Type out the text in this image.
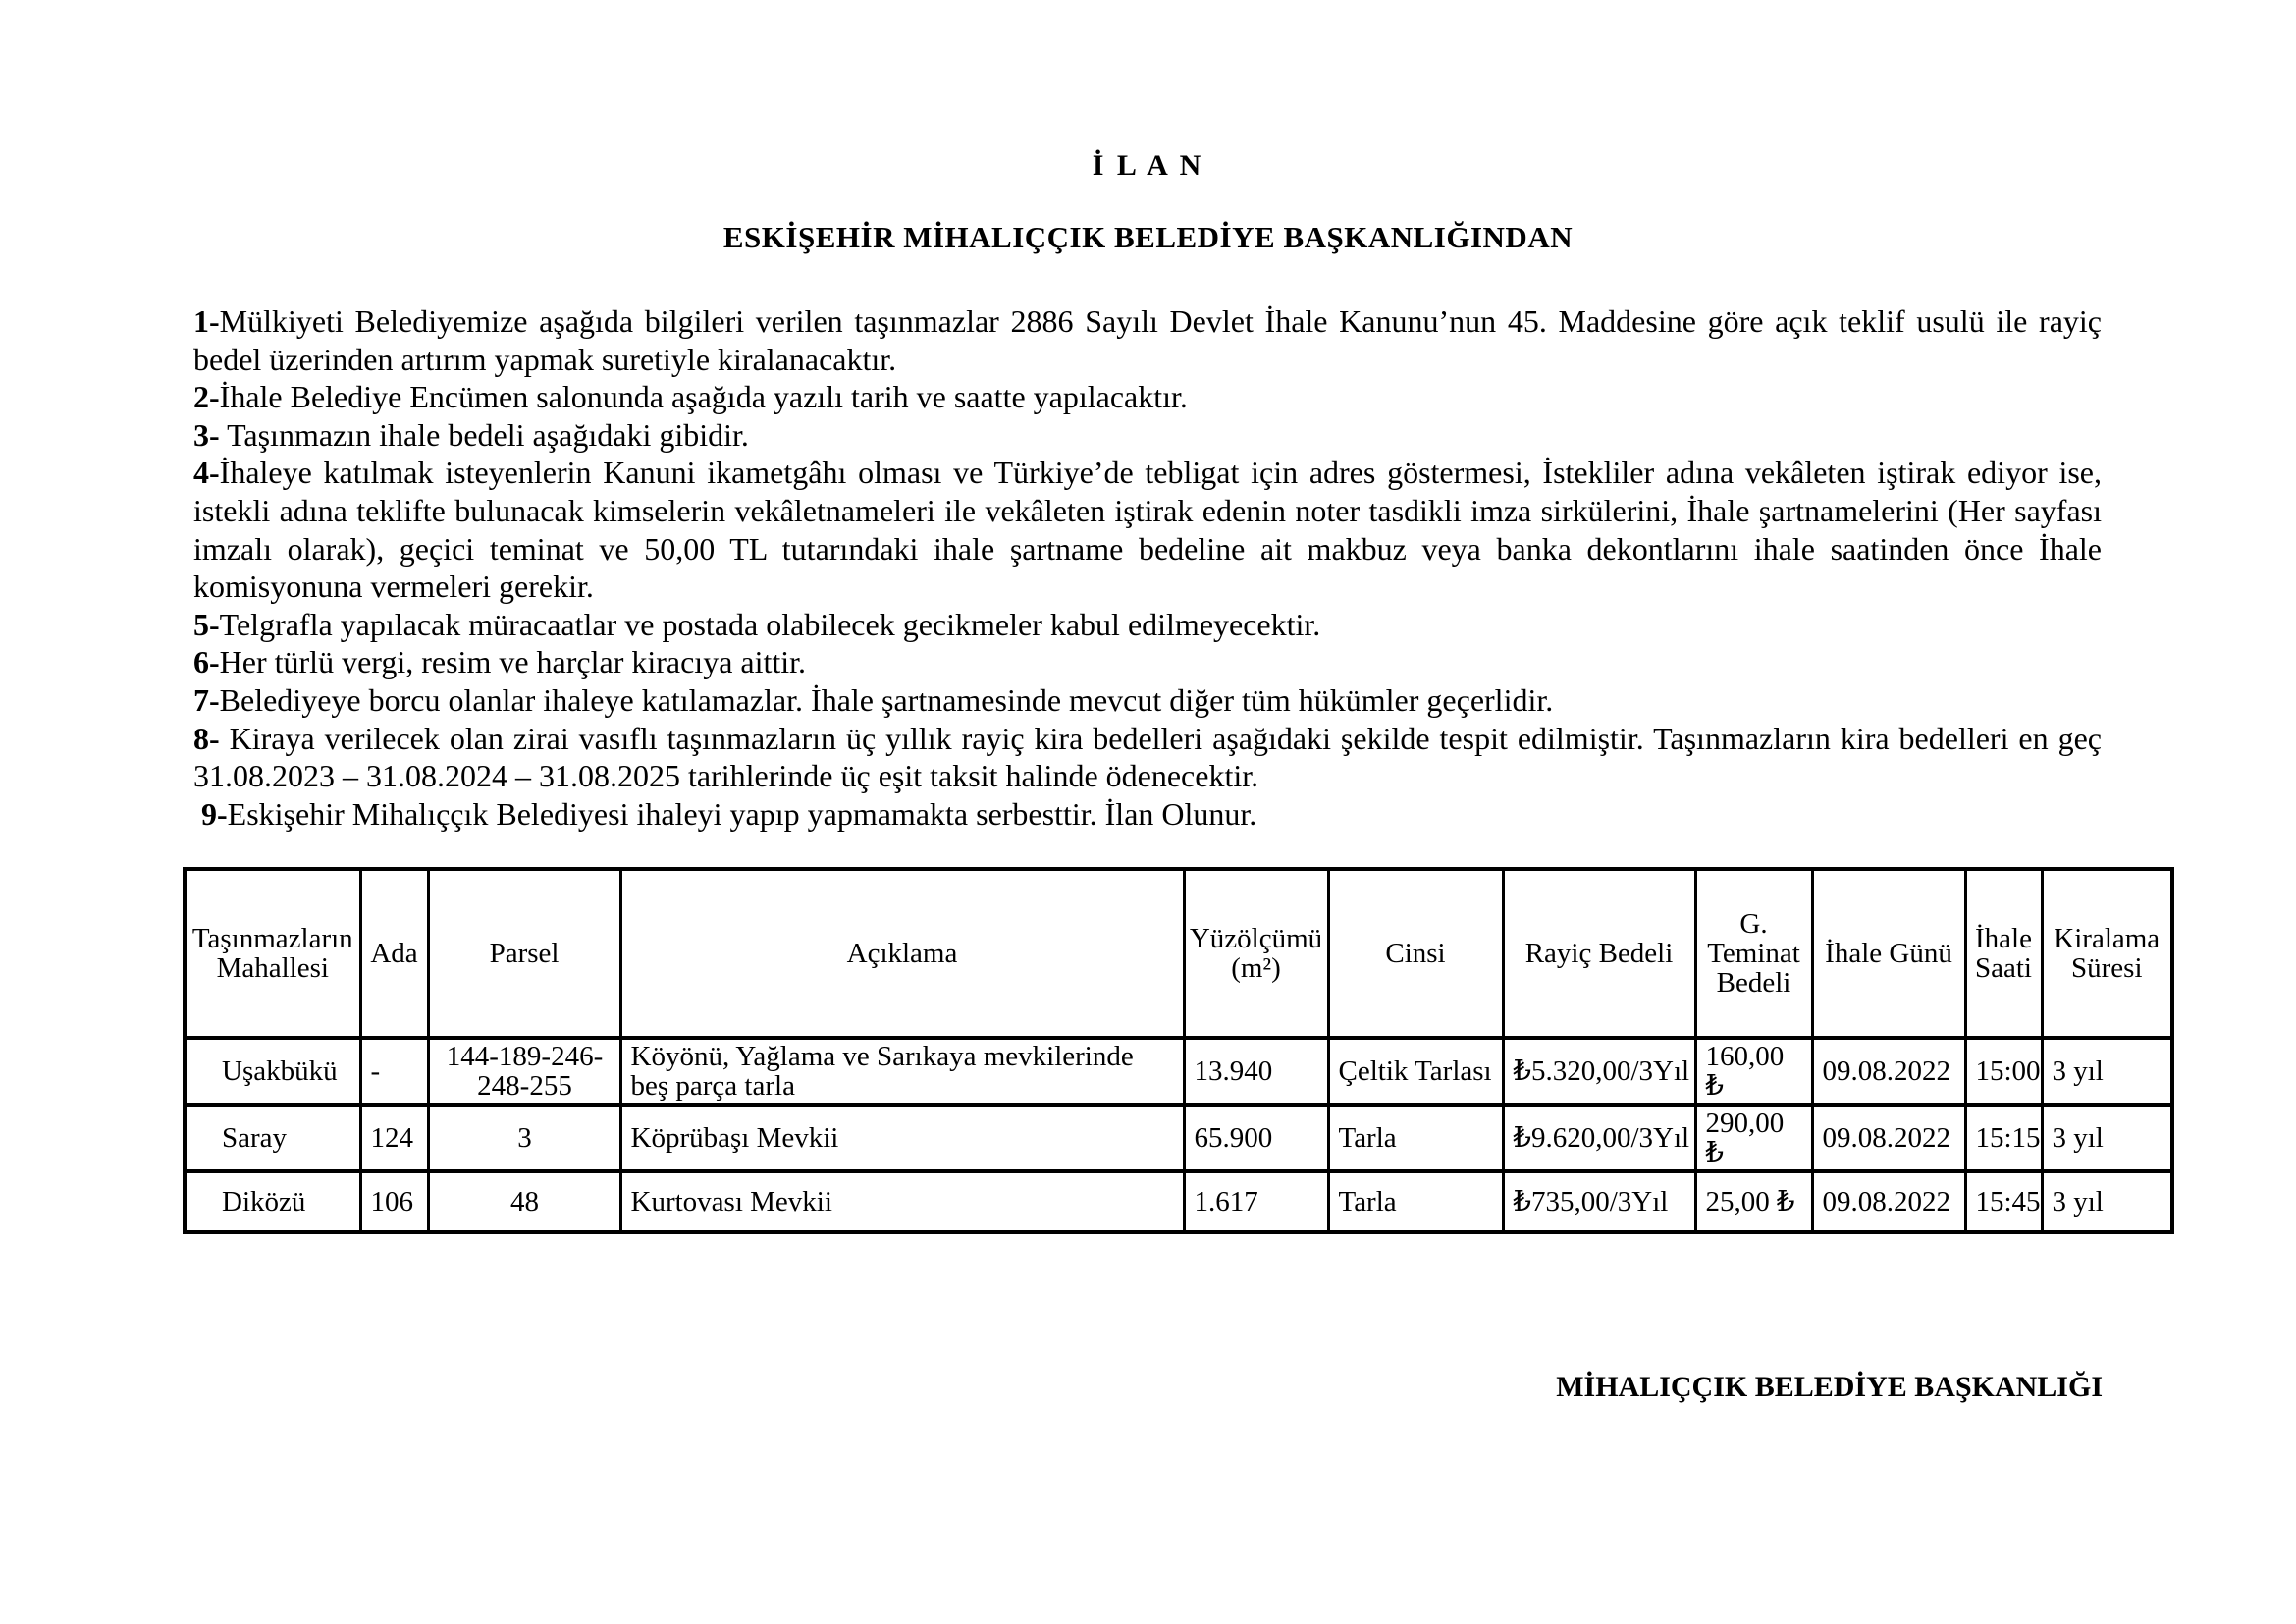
İ L A N
ESKİŞEHİR MİHALIÇÇIK BELEDİYE BAŞKANLIĞINDAN

1-Mülkiyeti Belediyemize aşağıda bilgileri verilen taşınmazlar 2886 Sayılı Devlet İhale Kanunu’nun 45. Maddesine göre açık teklif usulü ile rayiç bedel üzerinden artırım yapmak suretiyle kiralanacaktır.

2-İhale Belediye Encümen salonunda aşağıda yazılı tarih ve saatte yapılacaktır.

3- Taşınmazın ihale bedeli aşağıdaki gibidir.

4-İhaleye katılmak isteyenlerin Kanuni ikametgâhı olması ve Türkiye’de tebligat için adres göstermesi, İstekliler adına vekâleten iştirak ediyor ise, istekli adına teklifte bulunacak kimselerin vekâletnameleri ile vekâleten iştirak edenin noter tasdikli imza sirkülerini, İhale şartnamelerini (Her sayfası imzalı olarak), geçici teminat ve 50,00 TL tutarındaki ihale şartname bedeline ait makbuz veya banka dekontlarını ihale saatinden önce İhale komisyonuna vermeleri gerekir.

5-Telgrafla yapılacak müracaatlar ve postada olabilecek gecikmeler kabul edilmeyecektir.

6-Her türlü vergi, resim ve harçlar kiracıya aittir.

7-Belediyeye borcu olanlar ihaleye katılamazlar. İhale şartnamesinde mevcut diğer tüm hükümler geçerlidir.

8- Kiraya verilecek olan zirai vasıflı taşınmazların üç yıllık rayiç kira bedelleri aşağıdaki şekilde tespit edilmiştir. Taşınmazların kira bedelleri en geç 31.08.2023 – 31.08.2024 – 31.08.2025 tarihlerinde üç eşit taksit halinde ödenecektir.

9-Eskişehir Mihalıççık Belediyesi ihaleyi yapıp yapmamakta serbesttir. İlan Olunur.

Taşınmazların Mahallesi	Ada	Parsel	Açıklama	Yüzölçümü (m²)	Cinsi	Rayiç Bedeli	G. Teminat Bedeli	İhale Günü	İhale Saati	Kiralama Süresi
Uşakbükü	-	144-189-246-248-255	Köyönü, Yağlama ve Sarıkaya mevkilerinde beş parça tarla	13.940	Çeltik Tarlası	₺5.320,00/3Yıl	160,00 ₺	09.08.2022	15:00	3 yıl
Saray	124	3	Köprübaşı Mevkii	65.900	Tarla	₺9.620,00/3Yıl	290,00 ₺	09.08.2022	15:15	3 yıl
Diközü	106	48	Kurtovası Mevkii	1.617	Tarla	₺735,00/3Yıl	25,00 ₺	09.08.2022	15:45	3 yıl
MİHALIÇÇIK BELEDİYE BAŞKANLIĞI
